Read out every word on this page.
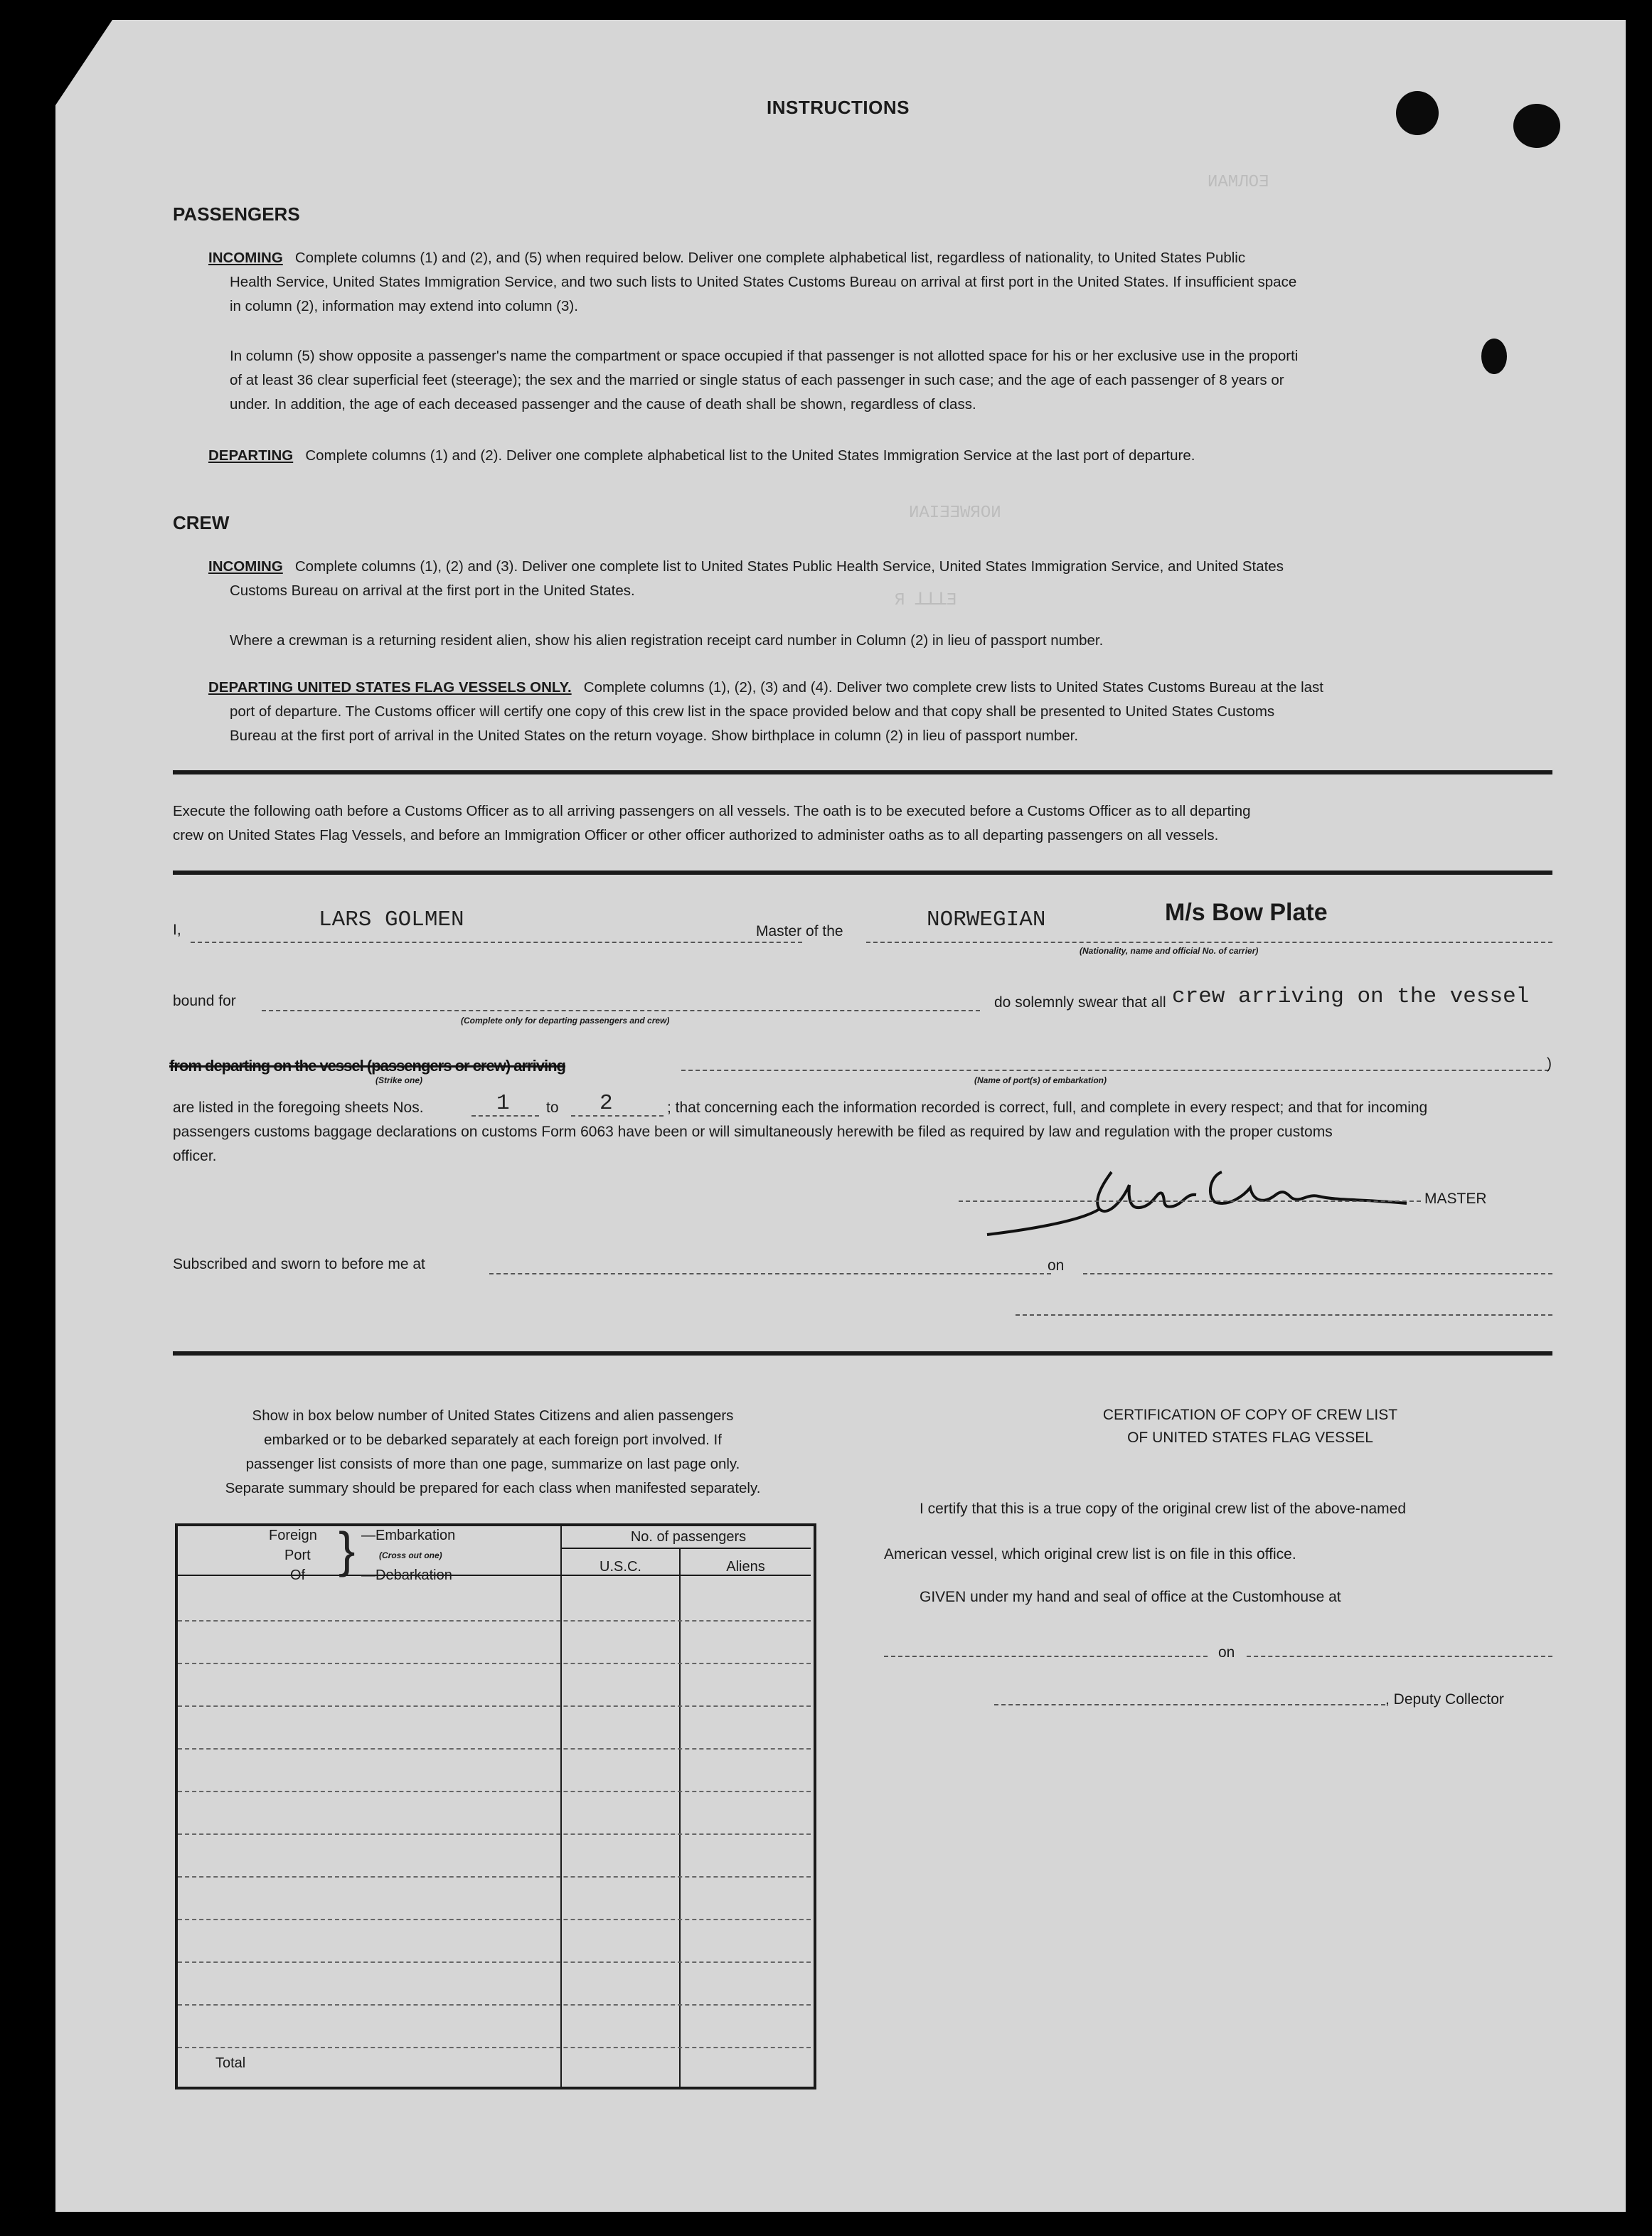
ИАМЛОƎ
ИАIƎƎWЯОИ
Я ꓕꓕꓕƎ
INSTRUCTIONS
PASSENGERS
INCOMING Complete columns (1) and (2), and (5) when required below. Deliver one complete alphabetical list, regardless of nationality, to United States Public
Health Service, United States Immigration Service, and two such lists to United States Customs Bureau on arrival at first port in the United States. If insufficient space
in column (2), information may extend into column (3).
In column (5) show opposite a passenger's name the compartment or space occupied if that passenger is not allotted space for his or her exclusive use in the proporti
of at least 36 clear superficial feet (steerage); the sex and the married or single status of each passenger in such case; and the age of each passenger of 8 years or
under. In addition, the age of each deceased passenger and the cause of death shall be shown, regardless of class.
DEPARTING Complete columns (1) and (2). Deliver one complete alphabetical list to the United States Immigration Service at the last port of departure.
CREW
INCOMING Complete columns (1), (2) and (3). Deliver one complete list to United States Public Health Service, United States Immigration Service, and United States
Customs Bureau on arrival at the first port in the United States.
Where a crewman is a returning resident alien, show his alien registration receipt card number in Column (2) in lieu of passport number.
DEPARTING UNITED STATES FLAG VESSELS ONLY. Complete columns (1), (2), (3) and (4). Deliver two complete crew lists to United States Customs Bureau at the last
port of departure. The Customs officer will certify one copy of this crew list in the space provided below and that copy shall be presented to United States Customs
Bureau at the first port of arrival in the United States on the return voyage. Show birthplace in column (2) in lieu of passport number.
Execute the following oath before a Customs Officer as to all arriving passengers on all vessels. The oath is to be executed before a Customs Officer as to all departing
crew on United States Flag Vessels, and before an Immigration Officer or other officer authorized to administer oaths as to all departing passengers on all vessels.
I,	LARS GOLMEN	Master of the	NORWEGIAN	M/s Bow Plate
(Nationality, name and official No. of carrier)
bound for
(Complete only for departing passengers and crew)
do solemnly swear that all crew arriving on the vessel
from departing on the vessel (passengers or crew) arriving	)
(Strike one)	(Name of port(s) of embarkation)
are listed in the foregoing sheets Nos.	1 to 2	; that concerning each the information recorded is correct, full, and complete in every respect; and that for incoming
passengers customs baggage declarations on customs Form 6063 have been or will simultaneously herewith be filed as required by law and regulation with the proper customs
officer.
MASTER
Subscribed and sworn to before me at	on
Show in box below number of United States Citizens and alien passengers
embarked or to be debarked separately at each foreign port involved. If
passenger list consists of more than one page, summarize on last page only.
Separate summary should be prepared for each class when manifested separately.
Foreign
Port
Of } —Embarkation
(Cross out one)
—Debarkation
No. of passengers
U.S.C.	Aliens
Total
CERTIFICATION OF COPY OF CREW LIST
OF UNITED STATES FLAG VESSEL
I certify that this is a true copy of the original crew list of the above-named
American vessel, which original crew list is on file in this office.
GIVEN under my hand and seal of office at the Customhouse at
on
, Deputy Collector
